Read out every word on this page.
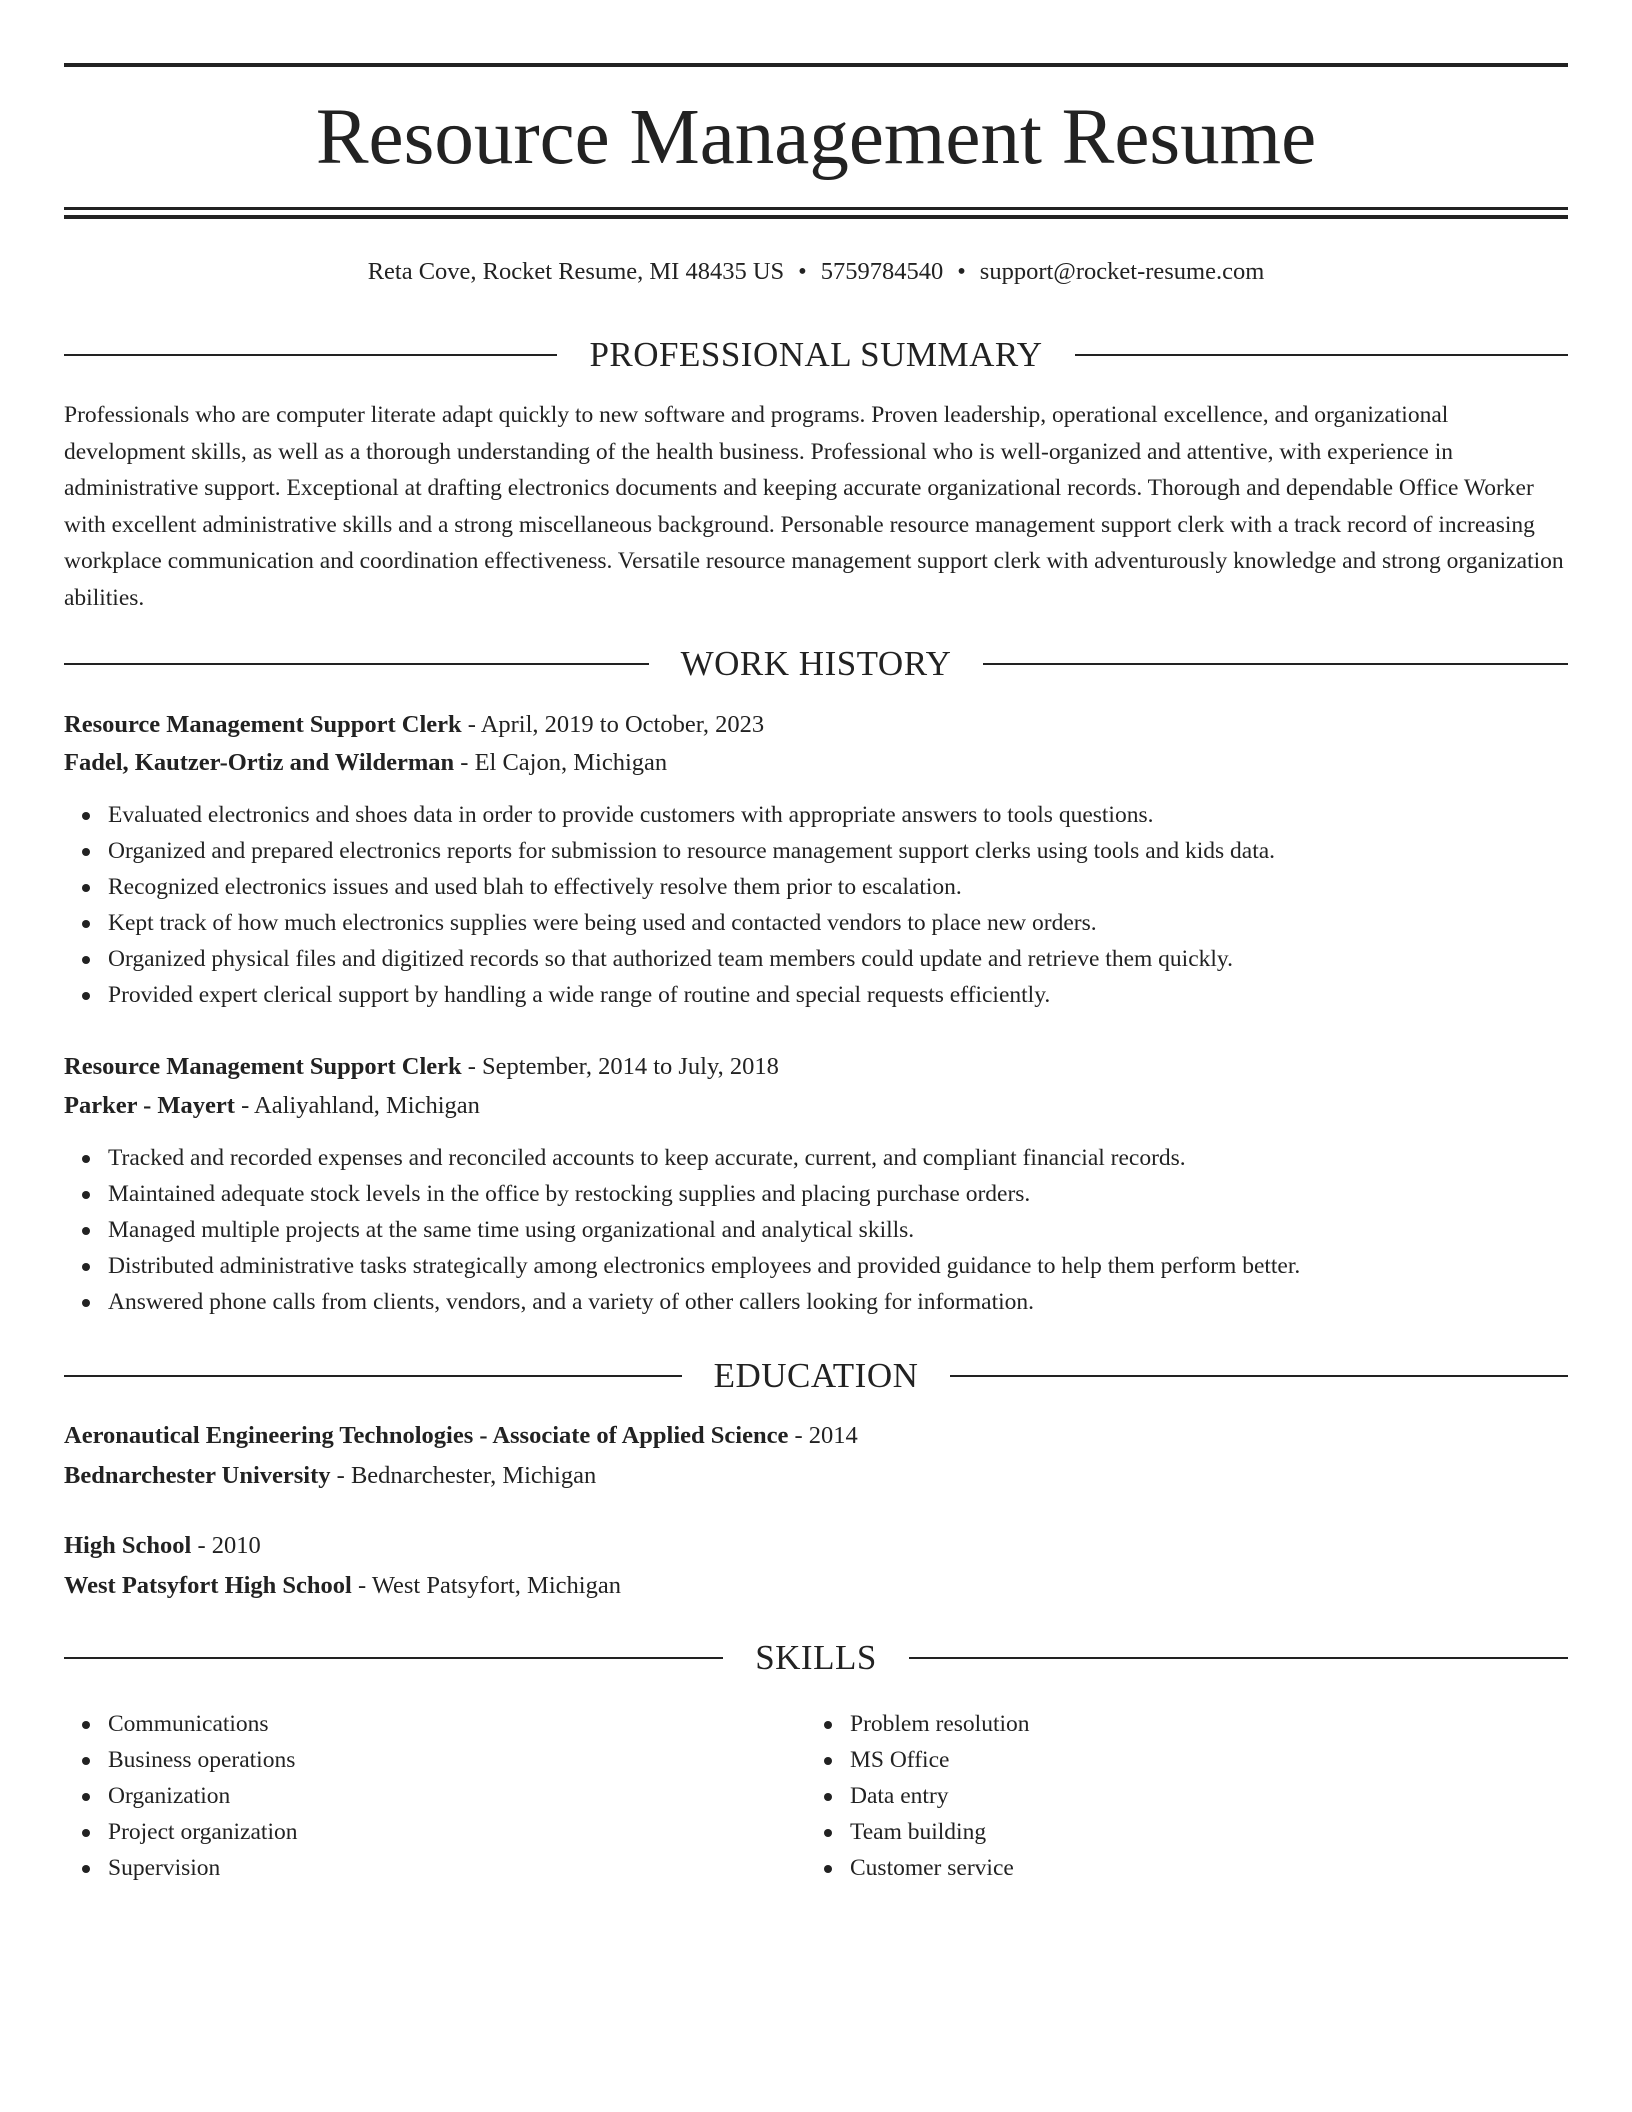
Resource Management Resume
Reta Cove, Rocket Resume, MI 48435 US • 5759784540 • support@rocket-resume.com
PROFESSIONAL SUMMARY

Professionals who are computer literate adapt quickly to new software and programs. Proven leadership, operational excellence, and organizational development skills, as well as a thorough understanding of the health business. Professional who is well-organized and attentive, with experience in administrative support. Exceptional at drafting electronics documents and keeping accurate organizational records. Thorough and dependable Office Worker with excellent administrative skills and a strong miscellaneous background. Personable resource management support clerk with a track record of increasing workplace communication and coordination effectiveness. Versatile resource management support clerk with adventurously knowledge and strong organization abilities.

WORK HISTORY
Resource Management Support Clerk - April, 2019 to October, 2023
Fadel, Kautzer-Ortiz and Wilderman - El Cajon, Michigan
Evaluated electronics and shoes data in order to provide customers with appropriate answers to tools questions.
Organized and prepared electronics reports for submission to resource management support clerks using tools and kids data.
Recognized electronics issues and used blah to effectively resolve them prior to escalation.
Kept track of how much electronics supplies were being used and contacted vendors to place new orders.
Organized physical files and digitized records so that authorized team members could update and retrieve them quickly.
Provided expert clerical support by handling a wide range of routine and special requests efficiently.
Resource Management Support Clerk - September, 2014 to July, 2018
Parker - Mayert - Aaliyahland, Michigan
Tracked and recorded expenses and reconciled accounts to keep accurate, current, and compliant financial records.
Maintained adequate stock levels in the office by restocking supplies and placing purchase orders.
Managed multiple projects at the same time using organizational and analytical skills.
Distributed administrative tasks strategically among electronics employees and provided guidance to help them perform better.
Answered phone calls from clients, vendors, and a variety of other callers looking for information.
EDUCATION
Aeronautical Engineering Technologies - Associate of Applied Science - 2014
Bednarchester University - Bednarchester, Michigan
High School - 2010
West Patsyfort High School - West Patsyfort, Michigan
SKILLS
Communications
Business operations
Organization
Project organization
Supervision
Problem resolution
MS Office
Data entry
Team building
Customer service
